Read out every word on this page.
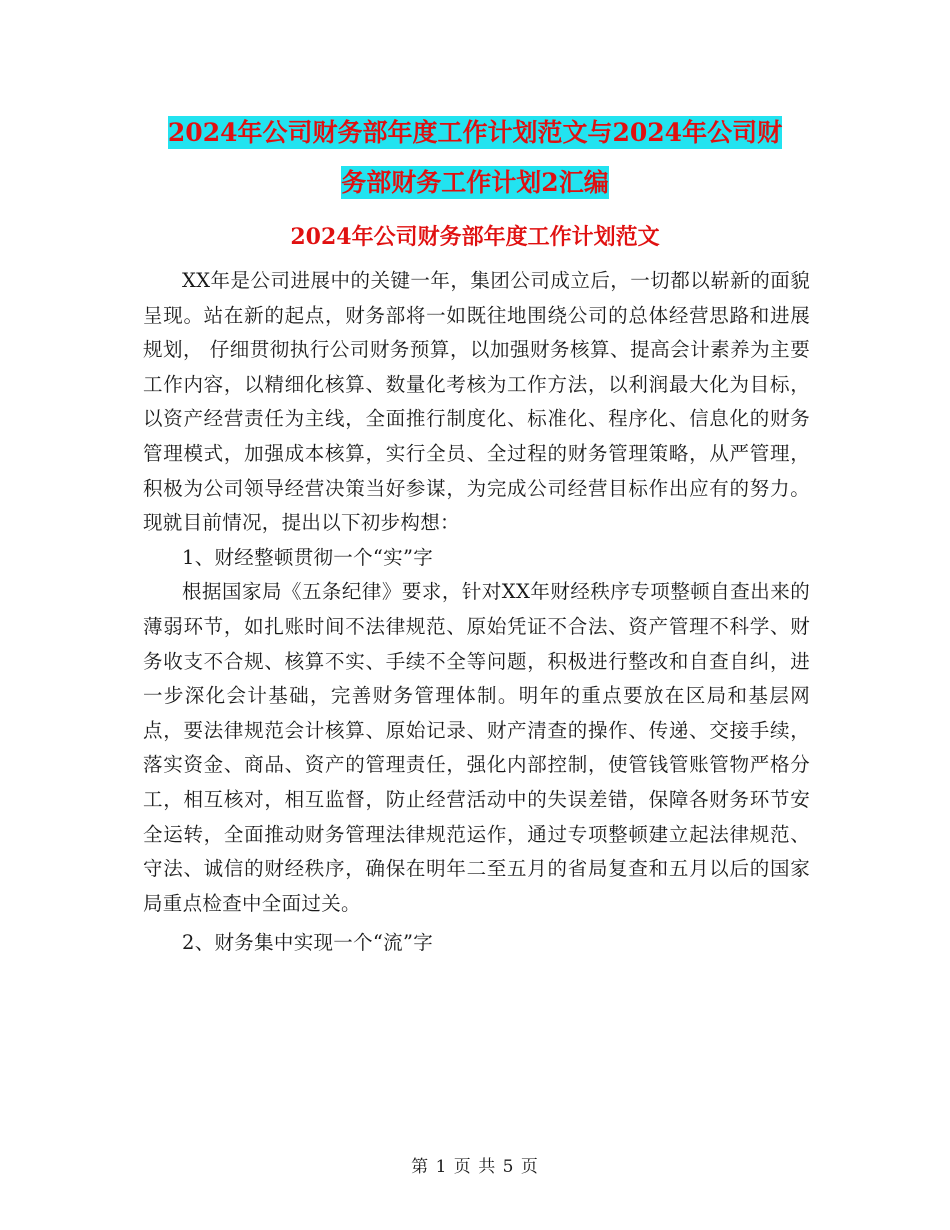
2024年公司财务部年度工作计划范文与2024年公司财
务部财务工作计划2汇编
2024年公司财务部年度工作计划范文

XX年是公司进展中的关键一年，集团公司成立后，一切都以崭新的面貌呈现。站在新的起点，财务部将一如既往地围绕公司的总体经营思路和进展规划， 仔细贯彻执行公司财务预算，以加强财务核算、提高会计素养为主要工作内容，以精细化核算、数量化考核为工作方法，以利润最大化为目标，以资产经营责任为主线，全面推行制度化、标准化、程序化、信息化的财务管理模式，加强成本核算，实行全员、全过程的财务管理策略，从严管理，积极为公司领导经营决策当好参谋，为完成公司经营目标作出应有的努力。现就目前情况，提出以下初步构想：

1、财经整顿贯彻一个“实”字

根据国家局《五条纪律》要求，针对XX年财经秩序专项整顿自查出来的薄弱环节，如扎账时间不法律规范、原始凭证不合法、资产管理不科学、财务收支不合规、核算不实、手续不全等问题，积极进行整改和自查自纠，进一步深化会计基础，完善财务管理体制。明年的重点要放在区局和基层网点，要法律规范会计核算、原始记录、财产清查的操作、传递、交接手续，落实资金、商品、资产的管理责任，强化内部控制，使管钱管账管物严格分工，相互核对，相互监督，防止经营活动中的失误差错，保障各财务环节安全运转，全面推动财务管理法律规范运作，通过专项整顿建立起法律规范、守法、诚信的财经秩序，确保在明年二至五月的省局复查和五月以后的国家局重点检查中全面过关。

2、财务集中实现一个“流”字

第 1 页 共 5 页
